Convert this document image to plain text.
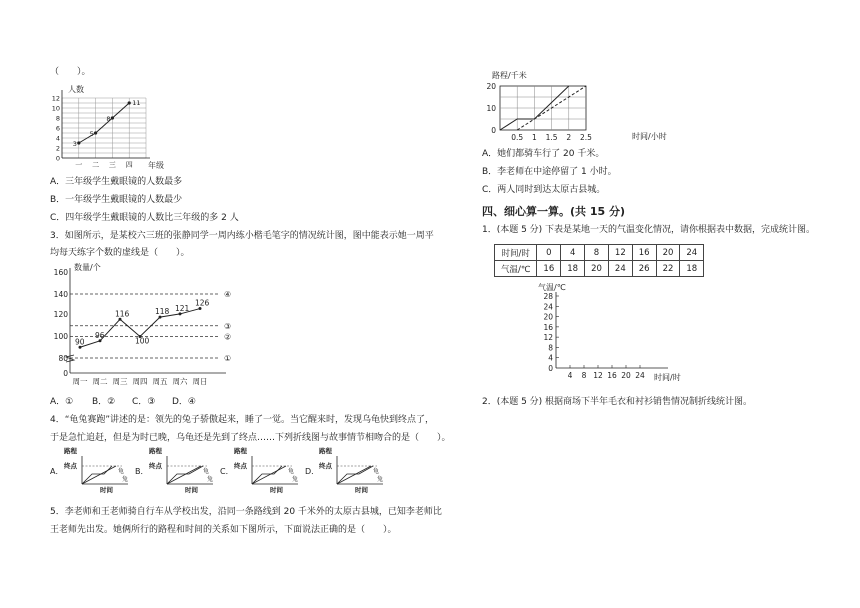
（　　）。
人数
年级
0
2
4
6
8
10
12
一 二 三 四
3
5
8
11
A．三年级学生戴眼镜的人数最多
B．一年级学生戴眼镜的人数最少
C．四年级学生戴眼镜的人数比三年级的多 2 人
3．如图所示，是某校六三班的张静同学一周内练小楷毛笔字的情况统计图，图中能表示她一周平
均每天练字个数的虚线是（　　）。
数量/个
0
80
100
120
140
160
周一 周二 周三 周四 周五 周六 周日
④
③
②
①
90
96
116
100
118 121
126
A．① B．② C．③ D．④
4．“龟兔赛跑”讲述的是：领先的兔子骄傲起来，睡了一觉。当它醒来时，发现乌龟快到终点了，
于是急忙追赶，但是为时已晚，乌龟还是先到了终点……下列折线图与故事情节相吻合的是（　　）。
A．
路程
终点
时间
龟
兔
B．
路程
终点
时间
龟
兔
C．
路程
终点
时间
龟
兔
D．
路程
终点
时间
龟
兔
5．李老师和王老师骑自行车从学校出发，沿同一条路线到 20 千米外的太原古县城，已知李老师比
王老师先出发。她俩所行的路程和时间的关系如下图所示，下面说法正确的是（　　）。
路程/千米
时间/小时
0
10
20
0.5 1 1.5 2 2.5
A．她们都骑车行了 20 千米。
B．李老师在中途停留了 1 小时。
C．两人同时到达太原古县城。
四、细心算一算。(共 15 分)
1．(本题 5 分) 下表是某地一天的气温变化情况，请你根据表中数据，完成统计图。
时间/时	0	4	8	12	16	20	24
气温/℃	16	18	20	24	26	22	18
气温/℃
时间/时
0
4
8
12
16
20
24
28
4 8 12 16 20 24
2．(本题 5 分) 根据商场下半年毛衣和衬衫销售情况制折线统计图。
